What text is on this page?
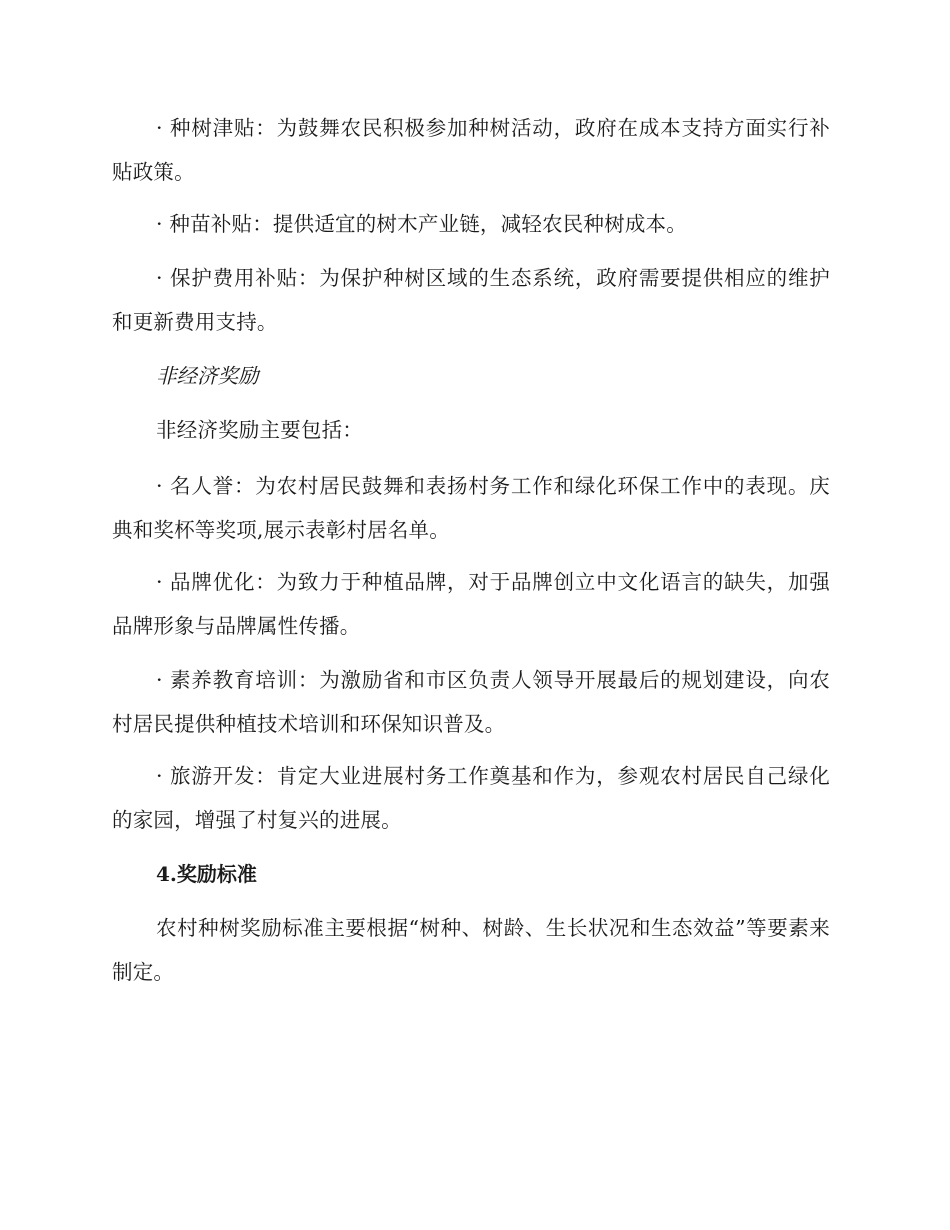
· 种树津贴：为鼓舞农民积极参加种树活动，政府在成本支持方面实行补贴政策。

· 种苗补贴：提供适宜的树木产业链，减轻农民种树成本。

· 保护费用补贴：为保护种树区域的生态系统，政府需要提供相应的维护和更新费用支持。

非经济奖励

非经济奖励主要包括：

· 名人誉：为农村居民鼓舞和表扬村务工作和绿化环保工作中的表现。庆典和奖杯等奖项,展示表彰村居名单。

· 品牌优化：为致力于种植品牌，对于品牌创立中文化语言的缺失，加强品牌形象与品牌属性传播。

· 素养教育培训：为激励省和市区负责人领导开展最后的规划建设，向农村居民提供种植技术培训和环保知识普及。

· 旅游开发：肯定大业进展村务工作奠基和作为，参观农村居民自己绿化的家园，增强了村复兴的进展。

4.奖励标准

农村种树奖励标准主要根据“树种、树龄、生长状况和生态效益”等要素来制定。
